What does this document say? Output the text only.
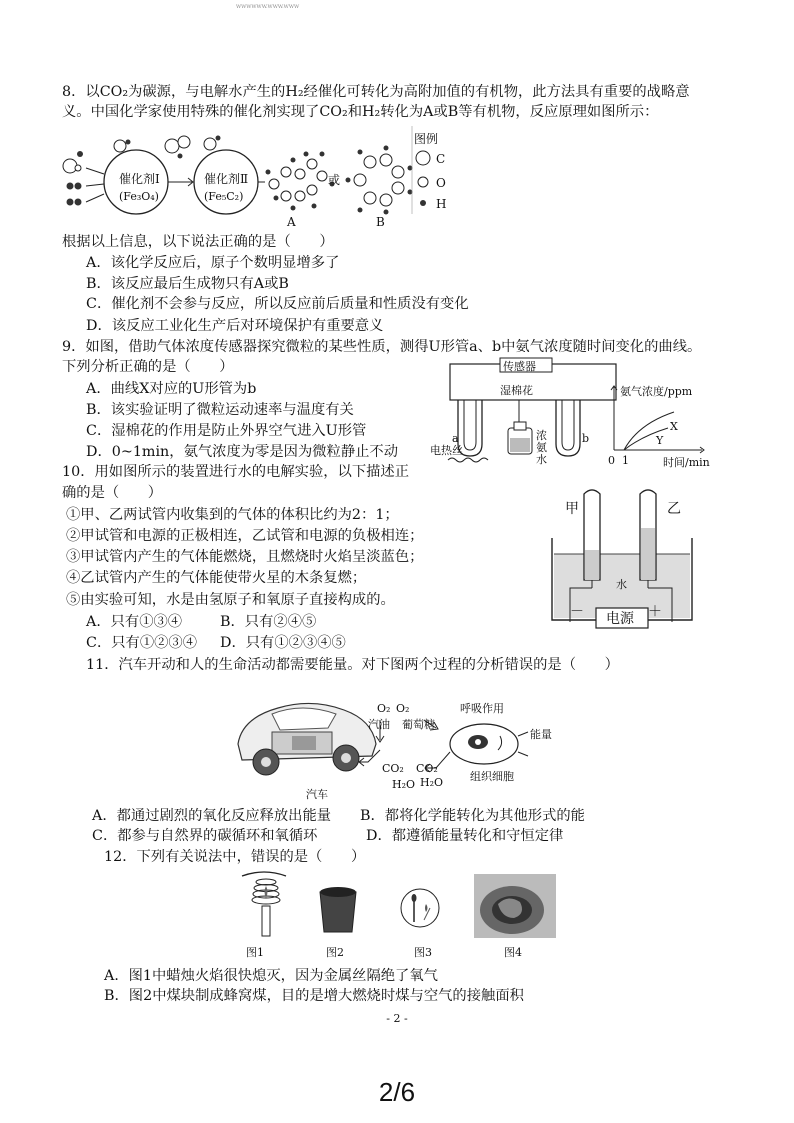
WWWWWW.WWW.WWW
8．以CO₂为碳源，与电解水产生的H₂经催化可转化为高附加值的有机物，此方法具有重要的战略意
义。中国化学家使用特殊的催化剂实现了CO₂和H₂转化为A或B等有机物，反应原理如图所示：
催化剂Ⅰ
(Fe₃O₄)
催化剂Ⅱ
(Fe₅C₂)
或
A	B
图例
C
O
H
根据以上信息，以下说法正确的是（　　）
A．该化学反应后，原子个数明显增多了
B．该反应最后生成物只有A或B
C．催化剂不会参与反应，所以反应前后质量和性质没有变化
D．该反应工业化生产后对环境保护有重要意义
9．如图，借助气体浓度传感器探究微粒的某些性质，测得U形管a、b中氨气浓度随时间变化的曲线。
下列分析正确的是（　　）
A．曲线X对应的U形管为b
B．该实验证明了微粒运动速率与温度有关
C．湿棉花的作用是防止外界空气进入U形管
D．0~1min，氨气浓度为零是因为微粒静止不动
传感器
湿棉花
电热丝
浓氨水
a	b
氨气浓度/ppm
时间/min
0 1
X
Y
10．用如图所示的装置进行水的电解实验，以下描述正
确的是（　　）
①甲、乙两试管内收集到的气体的体积比约为2：1；
②甲试管和电源的正极相连，乙试管和电源的负极相连；
③甲试管内产生的气体能燃烧，且燃烧时火焰呈淡蓝色；
④乙试管内产生的气体能使带火星的木条复燃；
⑤由实验可知，水是由氢原子和氧原子直接构成的。
A．只有①③④	B．只有②④⑤
C．只有①②③④ D．只有①②③④⑤
甲	乙
水
电源
－	＋
11．汽车开动和人的生命活动都需要能量。对下图两个过程的分析错误的是（　　）
O₂ O₂	呼吸作用
汽油 葡萄糖
能量
CO₂ CO₂
H₂O H₂O 组织细胞
汽车
A．都通过剧烈的氧化反应释放出能量 B．都将化学能转化为其他形式的能
C．都参与自然界的碳循环和氧循环	D．都遵循能量转化和守恒定律
12．下列有关说法中，错误的是（　　）
图1	图2	图3	图4
A．图1中蜡烛火焰很快熄灭，因为金属丝隔绝了氧气
B．图2中煤块制成蜂窝煤，目的是增大燃烧时煤与空气的接触面积
- 2 -
2/6
